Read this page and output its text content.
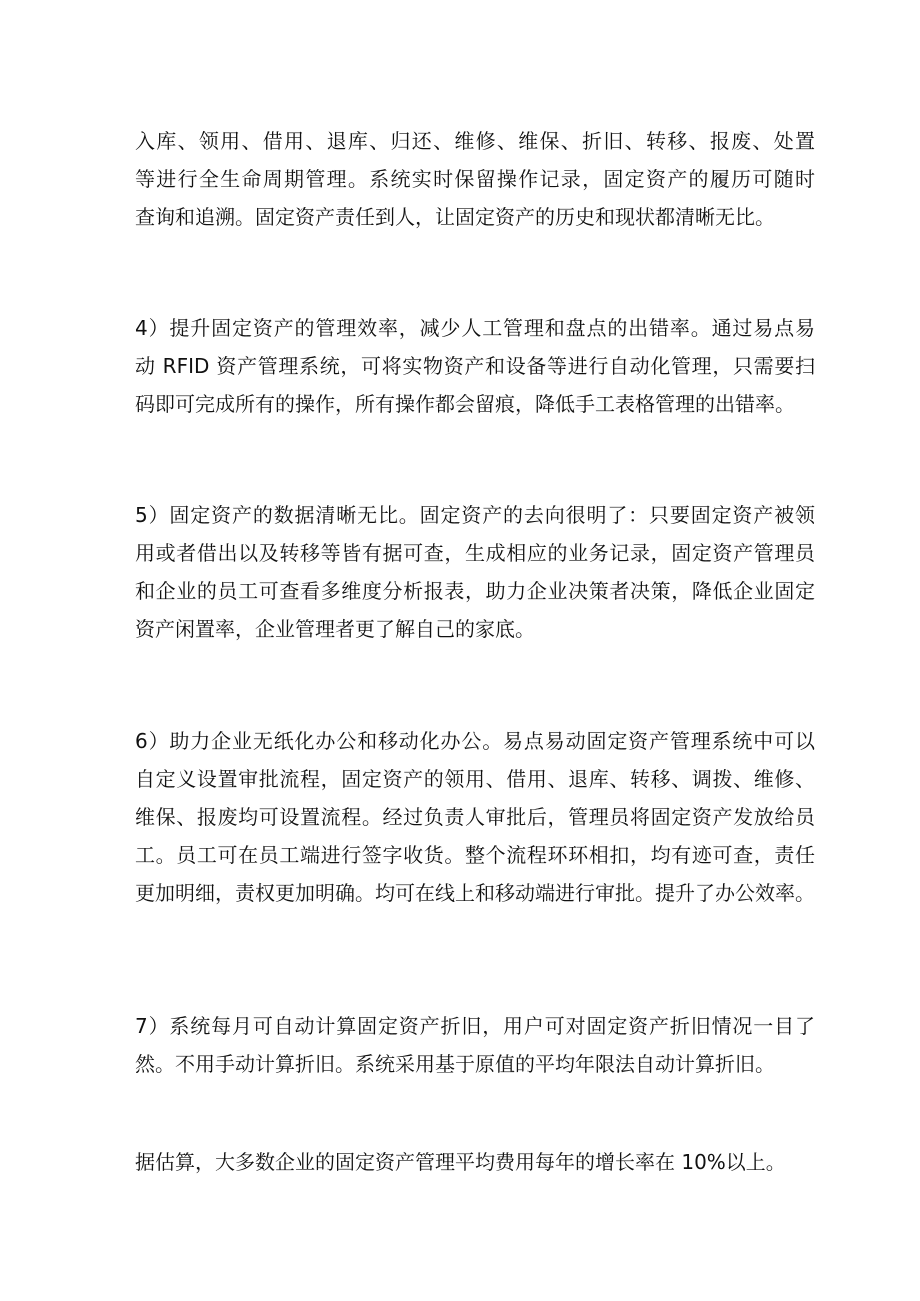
入库、领用、借用、退库、归还、维修、维保、折旧、转移、报废、处置
等进行全生命周期管理。系统实时保留操作记录，固定资产的履历可随时
查询和追溯。固定资产责任到人，让固定资产的历史和现状都清晰无比。
4）提升固定资产的管理效率，减少人工管理和盘点的出错率。通过易点易
动 RFID 资产管理系统，可将实物资产和设备等进行自动化管理，只需要扫
码即可完成所有的操作，所有操作都会留痕，降低手工表格管理的出错率。
5）固定资产的数据清晰无比。固定资产的去向很明了：只要固定资产被领
用或者借出以及转移等皆有据可查，生成相应的业务记录，固定资产管理员
和企业的员工可查看多维度分析报表，助力企业决策者决策，降低企业固定
资产闲置率，企业管理者更了解自己的家底。
6）助力企业无纸化办公和移动化办公。易点易动固定资产管理系统中可以
自定义设置审批流程，固定资产的领用、借用、退库、转移、调拨、维修、
维保、报废均可设置流程。经过负责人审批后，管理员将固定资产发放给员
工。员工可在员工端进行签字收货。整个流程环环相扣，均有迹可查，责任
更加明细，责权更加明确。均可在线上和移动端进行审批。提升了办公效率。
7）系统每月可自动计算固定资产折旧，用户可对固定资产折旧情况一目了
然。不用手动计算折旧。系统采用基于原值的平均年限法自动计算折旧。
据估算，大多数企业的固定资产管理平均费用每年的增长率在 10%以上。
